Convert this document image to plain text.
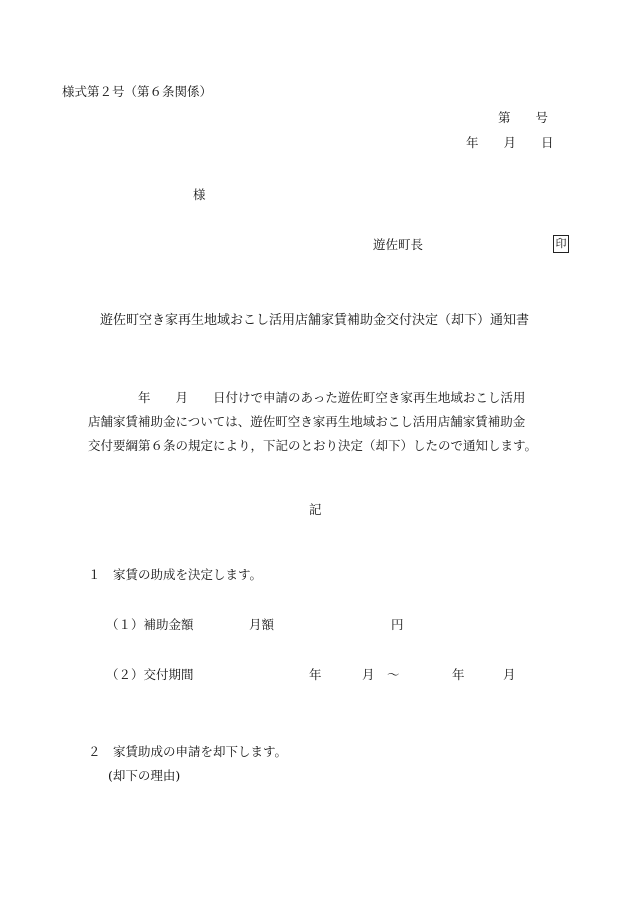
様式第２号（第６条関係）
第　　号
年　　月　　日
様
遊佐町長	印
遊佐町空き家再生地域おこし活用店舗家賃補助金交付決定（却下）通知書
年　　月　　日付けで申請のあった遊佐町空き家再生地域おこし活用
店舗家賃補助金については、遊佐町空き家再生地域おこし活用店舗家賃補助金
交付要綱第６条の規定により，下記のとおり決定（却下）したので通知します。
記
１　家賃の助成を決定します。
（１）補助金額	月額	円
（２）交付期間	年	月　～	年	月
２　家賃助成の申請を却下します。
(却下の理由)
